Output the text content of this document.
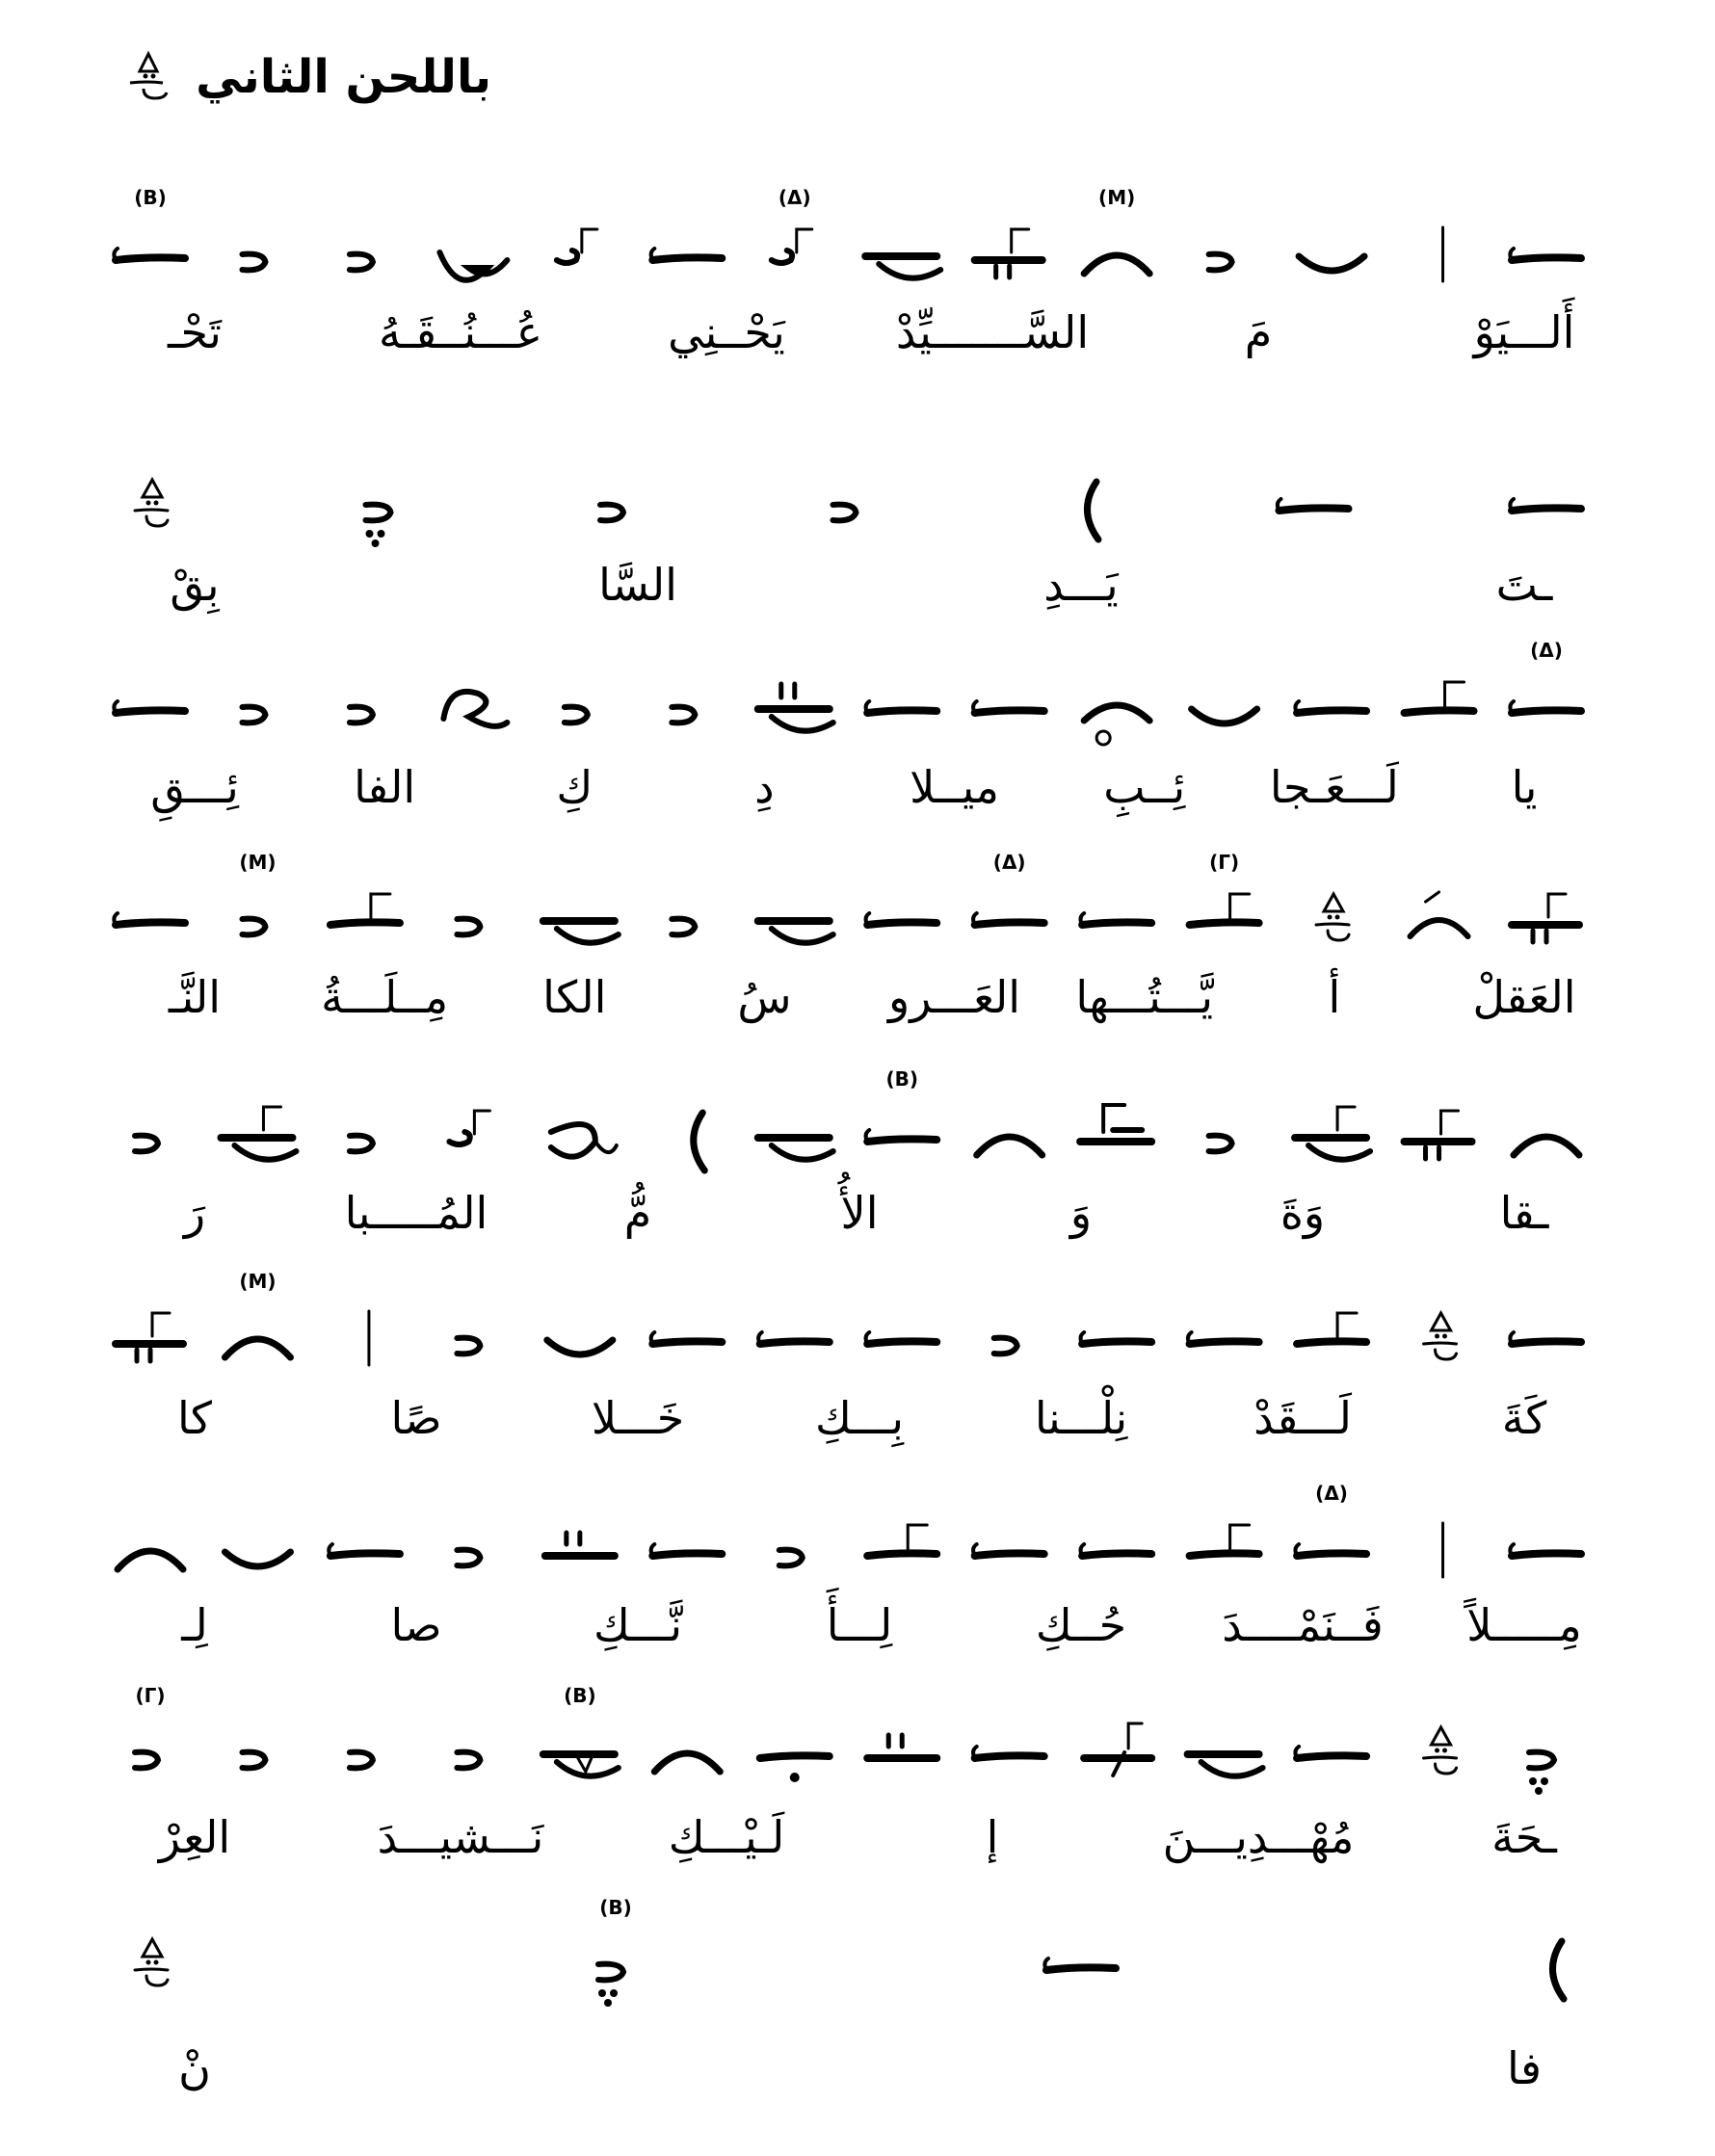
باللحن الثاني
(M)
(Δ)
(B)
أَلـــيَوْ
مَ
السَّـــــــيِّدْ
يَحْــنِي
عُـــنُــقَـهُ
تَحْـ
ـتَ
يَـــدِ
السَّا
بِقْ
(Δ)
يا
لَـــعَـجا
ئِــبِ
ميــلا
دِ
كِ
الفا
ئِـــقِ
(Γ)
(Δ)
(M)
العَقلْ
أ
يَّـــتُـــها
العَـــرو
سُ
الكا
مِــلَـــةُ
النَّـ
(B)
ـقا
وَةَ
وَ
الأُ
مُّ
المُـــــبا
رَ
(M)
كَةَ
لَـــقَدْ
نِلْـــنا
بِـــكِ
خَـــلا
صًا
كا
(Δ)
مِـــــلاً
فَــنَمْــــدَ
حُــكِ
لِـــأَ
نَّـــكِ
صا
لِـ
(B)
(Γ)
ـحَةَ
مُهْـــدِيـــنَ
إ
لَـيْـــكِ
نَـــشيـــدَ
العِرْ
(B)
فا
نْ
